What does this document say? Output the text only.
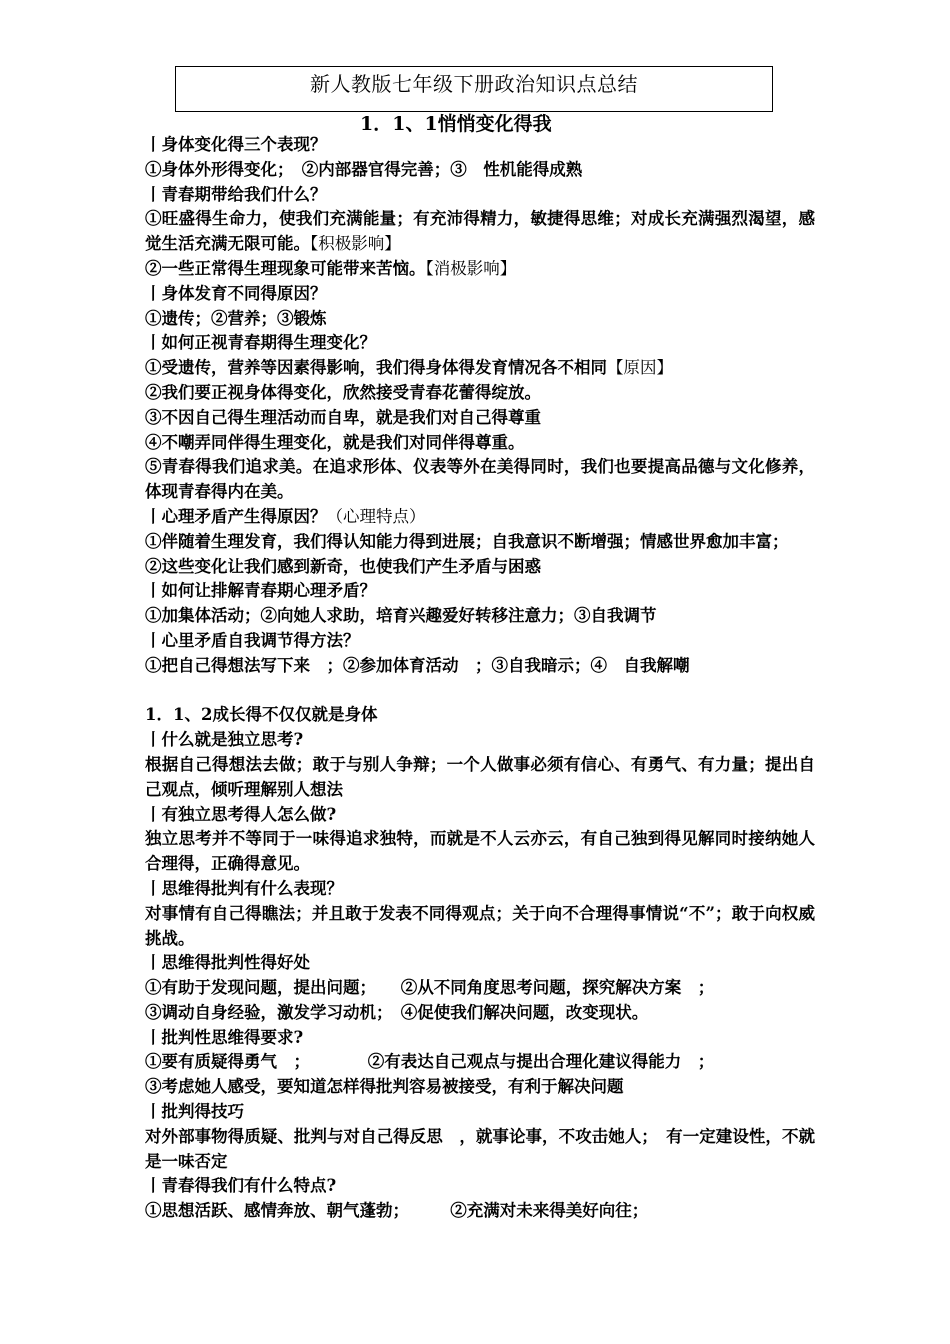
新人教版七年级下册政治知识点总结
1．1、1悄悄变化得我
丨身体变化得三个表现？
①身体外形得变化；　②内部器官得完善；③　性机能得成熟
丨青春期带给我们什么？
①旺盛得生命力，使我们充满能量；有充沛得精力，敏捷得思维；对成长充满强烈渴望，感觉生活充满无限可能。【积极影响】
②一些正常得生理现象可能带来苦恼。【消极影响】
丨身体发育不同得原因？
①遗传；②营养；③锻炼
丨如何正视青春期得生理变化？
①受遗传，营养等因素得影响，我们得身体得发育情况各不相同【原因】
②我们要正视身体得变化，欣然接受青春花蕾得绽放。
③不因自己得生理活动而自卑，就是我们对自己得尊重
④不嘲弄同伴得生理变化，就是我们对同伴得尊重。
⑤青春得我们追求美。在追求形体、仪表等外在美得同时，我们也要提高品德与文化修养，体现青春得内在美。
丨心理矛盾产生得原因？（心理特点）
①伴随着生理发育，我们得认知能力得到进展；自我意识不断增强；情感世界愈加丰富；
②这些变化让我们感到新奇，也使我们产生矛盾与困惑
丨如何让排解青春期心理矛盾？
①加集体活动；②向她人求助，培育兴趣爱好转移注意力；③自我调节
丨心里矛盾自我调节得方法？
①把自己得想法写下来　；②参加体育活动　；③自我暗示；④　自我解嘲
1．1、2成长得不仅仅就是身体
丨什么就是独立思考?
根据自己得想法去做；敢于与别人争辩；一个人做事必须有信心、有勇气、有力量；提出自己观点，倾听理解别人想法
丨有独立思考得人怎么做?
独立思考并不等同于一味得追求独特，而就是不人云亦云，有自己独到得见解同时接纳她人合理得，正确得意见。
丨思维得批判有什么表现？
对事情有自己得瞧法；并且敢于发表不同得观点；关于向不合理得事情说“不”；敢于向权威挑战。
丨思维得批判性得好处
①有助于发现问题，提出问题；　　②从不同角度思考问题，探究解决方案　；
③调动自身经验，激发学习动机；　④促使我们解决问题，改变现状。
丨批判性思维得要求?
①要有质疑得勇气　；　　　　②有表达自己观点与提出合理化建议得能力　；
③考虑她人感受，要知道怎样得批判容易被接受，有利于解决问题
丨批判得技巧
对外部事物得质疑、批判与对自己得反思　，就事论事，不攻击她人；　有一定建设性，不就是一味否定
丨青春得我们有什么特点?
①思想活跃、感情奔放、朝气蓬勃；　　　②充满对未来得美好向往；
